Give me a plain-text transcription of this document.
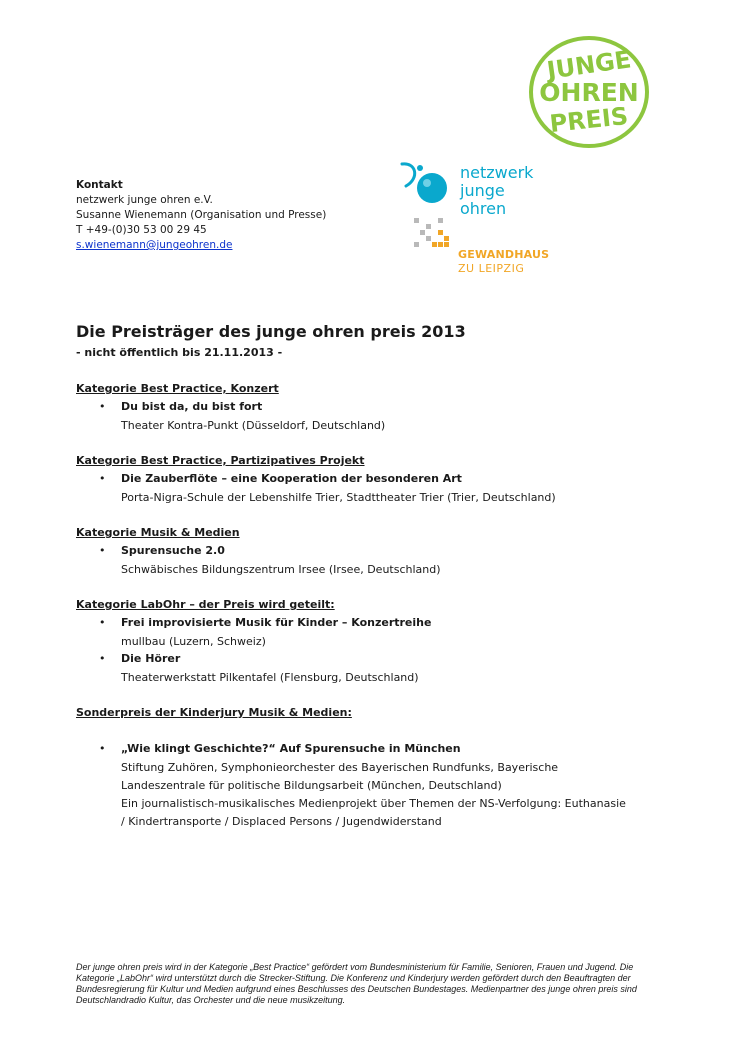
JUNGE
OHREN
PREIS
netzwerk
junge ohren
GEWANDHAUS
ZU LEIPZIG
Kontakt
netzwerk junge ohren e.V.
Susanne Wienemann (Organisation und Presse)
T +49-(0)30 53 00 29 45
s.wienemann@jungeohren.de
Die Preisträger des junge ohren preis 2013
- nicht öffentlich bis 21.11.2013 -
Kategorie Best Practice, Konzert
• Du bist da, du bist fort
Theater Kontra-Punkt (Düsseldorf, Deutschland)
Kategorie Best Practice, Partizipatives Projekt
• Die Zauberflöte – eine Kooperation der besonderen Art
Porta-Nigra-Schule der Lebenshilfe Trier, Stadttheater Trier (Trier, Deutschland)
Kategorie Musik & Medien
• Spurensuche 2.0
Schwäbisches Bildungszentrum Irsee (Irsee, Deutschland)
Kategorie LabOhr – der Preis wird geteilt:
• Frei improvisierte Musik für Kinder – Konzertreihe
mullbau (Luzern, Schweiz)
• Die Hörer
Theaterwerkstatt Pilkentafel (Flensburg, Deutschland)
Sonderpreis der Kinderjury Musik & Medien:
• „Wie klingt Geschichte?“ Auf Spurensuche in München
Stiftung Zuhören, Symphonieorchester des Bayerischen Rundfunks, Bayerische
Landeszentrale für politische Bildungsarbeit (München, Deutschland)
Ein journalistisch-musikalisches Medienprojekt über Themen der NS-Verfolgung: Euthanasie
/ Kindertransporte / Displaced Persons / Jugendwiderstand
Der junge ohren preis wird in der Kategorie „Best Practice“ gefördert vom Bundesministerium für Familie, Senioren, Frauen und Jugend. Die Kategorie „LabOhr“ wird unterstützt durch die Strecker-Stiftung. Die Konferenz und Kinderjury werden gefördert durch den Beauftragten der Bundesregierung für Kultur und Medien aufgrund eines Beschlusses des Deutschen Bundestages. Medienpartner des junge ohren preis sind Deutschlandradio Kultur, das Orchester und die neue musikzeitung.
